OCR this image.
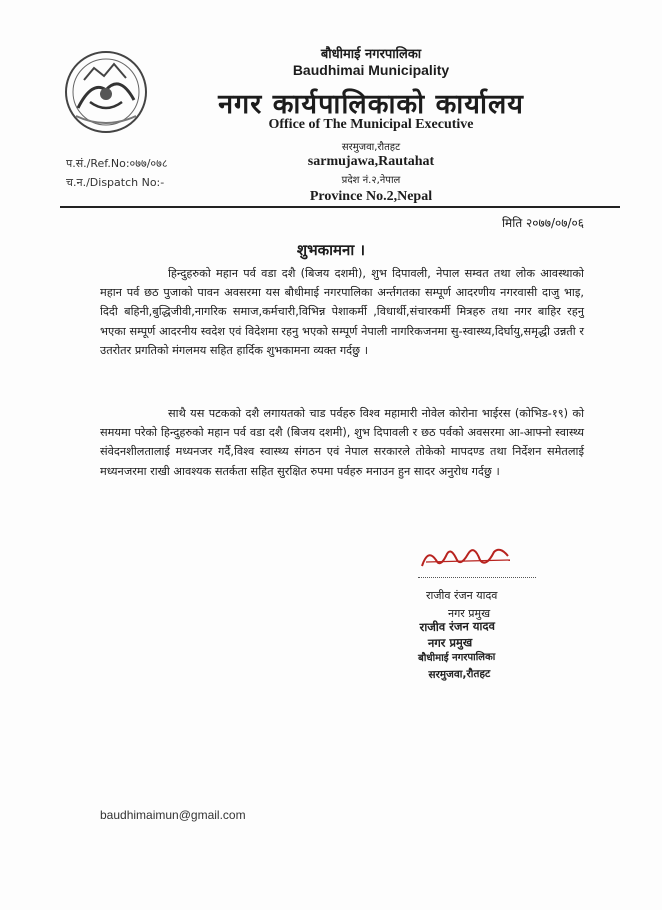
बौधीमाई नगरपालिका
Baudhimai Municipality
नगर कार्यपालिकाको कार्यालय
Office of The Municipal Executive
सरमुजवा,रौतहट
sarmujawa,Rautahat
प्रदेश नं.२,नेपाल
Province No.2,Nepal
प.सं./Ref.No:०७७/०७८
च.न./Dispatch No:-
मिति २०७७/०७/०६
शुभकामना ।
हिन्दुहरुको महान पर्व वडा दशै (बिजय दशमी), शुभ दिपावली, नेपाल सम्वत तथा लोक आवस्थाको महान पर्व छठ पुजाको पावन अवसरमा यस बौधीमाई नगरपालिका अर्न्तगतका सम्पूर्ण आदरणीय नगरवासी दाजु भाइ, दिदी बहिनी,बुद्धिजीवी,नागरिक समाज,कर्मचारी,विभिन्न पेशाकर्मी ,विधार्थी,संचारकर्मी मित्रहरु तथा नगर बाहिर रहनु भएका सम्पूर्ण आदरनीय स्वदेश एवं विदेशमा रहनु भएको सम्पूर्ण नेपाली नागरिकजनमा सु-स्वास्थ्य,दिर्घायु,समृद्धी उन्नती र उतरोतर प्रगतिको मंगलमय सहित हार्दिक शुभकामना व्यक्त गर्दछु ।
साथै यस पटकको दशै लगायतको चाड पर्वहरु विश्व महामारी नोवेल कोरोना भाईरस (कोभिड-१९) को समयमा परेको हिन्दुहरुको महान पर्व वडा दशै (बिजय दशमी), शुभ दिपावली र छठ पर्वको अवसरमा आ-आफ्नो स्वास्थ्य संवेदनशीलतालाई मध्यनजर गर्दै,विश्व स्वास्थ्य संगठन एवं नेपाल सरकारले तोकेको मापदण्ड तथा निर्देशन समेतलाई मध्यनजरमा राखी आवश्यक सतर्कता सहित सुरक्षित रुपमा पर्वहरु मनाउन हुन सादर अनुरोध गर्दछु ।
राजीव रंजन यादव
नगर प्रमुख
राजीव रंजन यादव
नगर प्रमुख
बौधीमाई नगरपालिका
सरमुजवा,रौतहट
baudhimaimun@gmail.com
